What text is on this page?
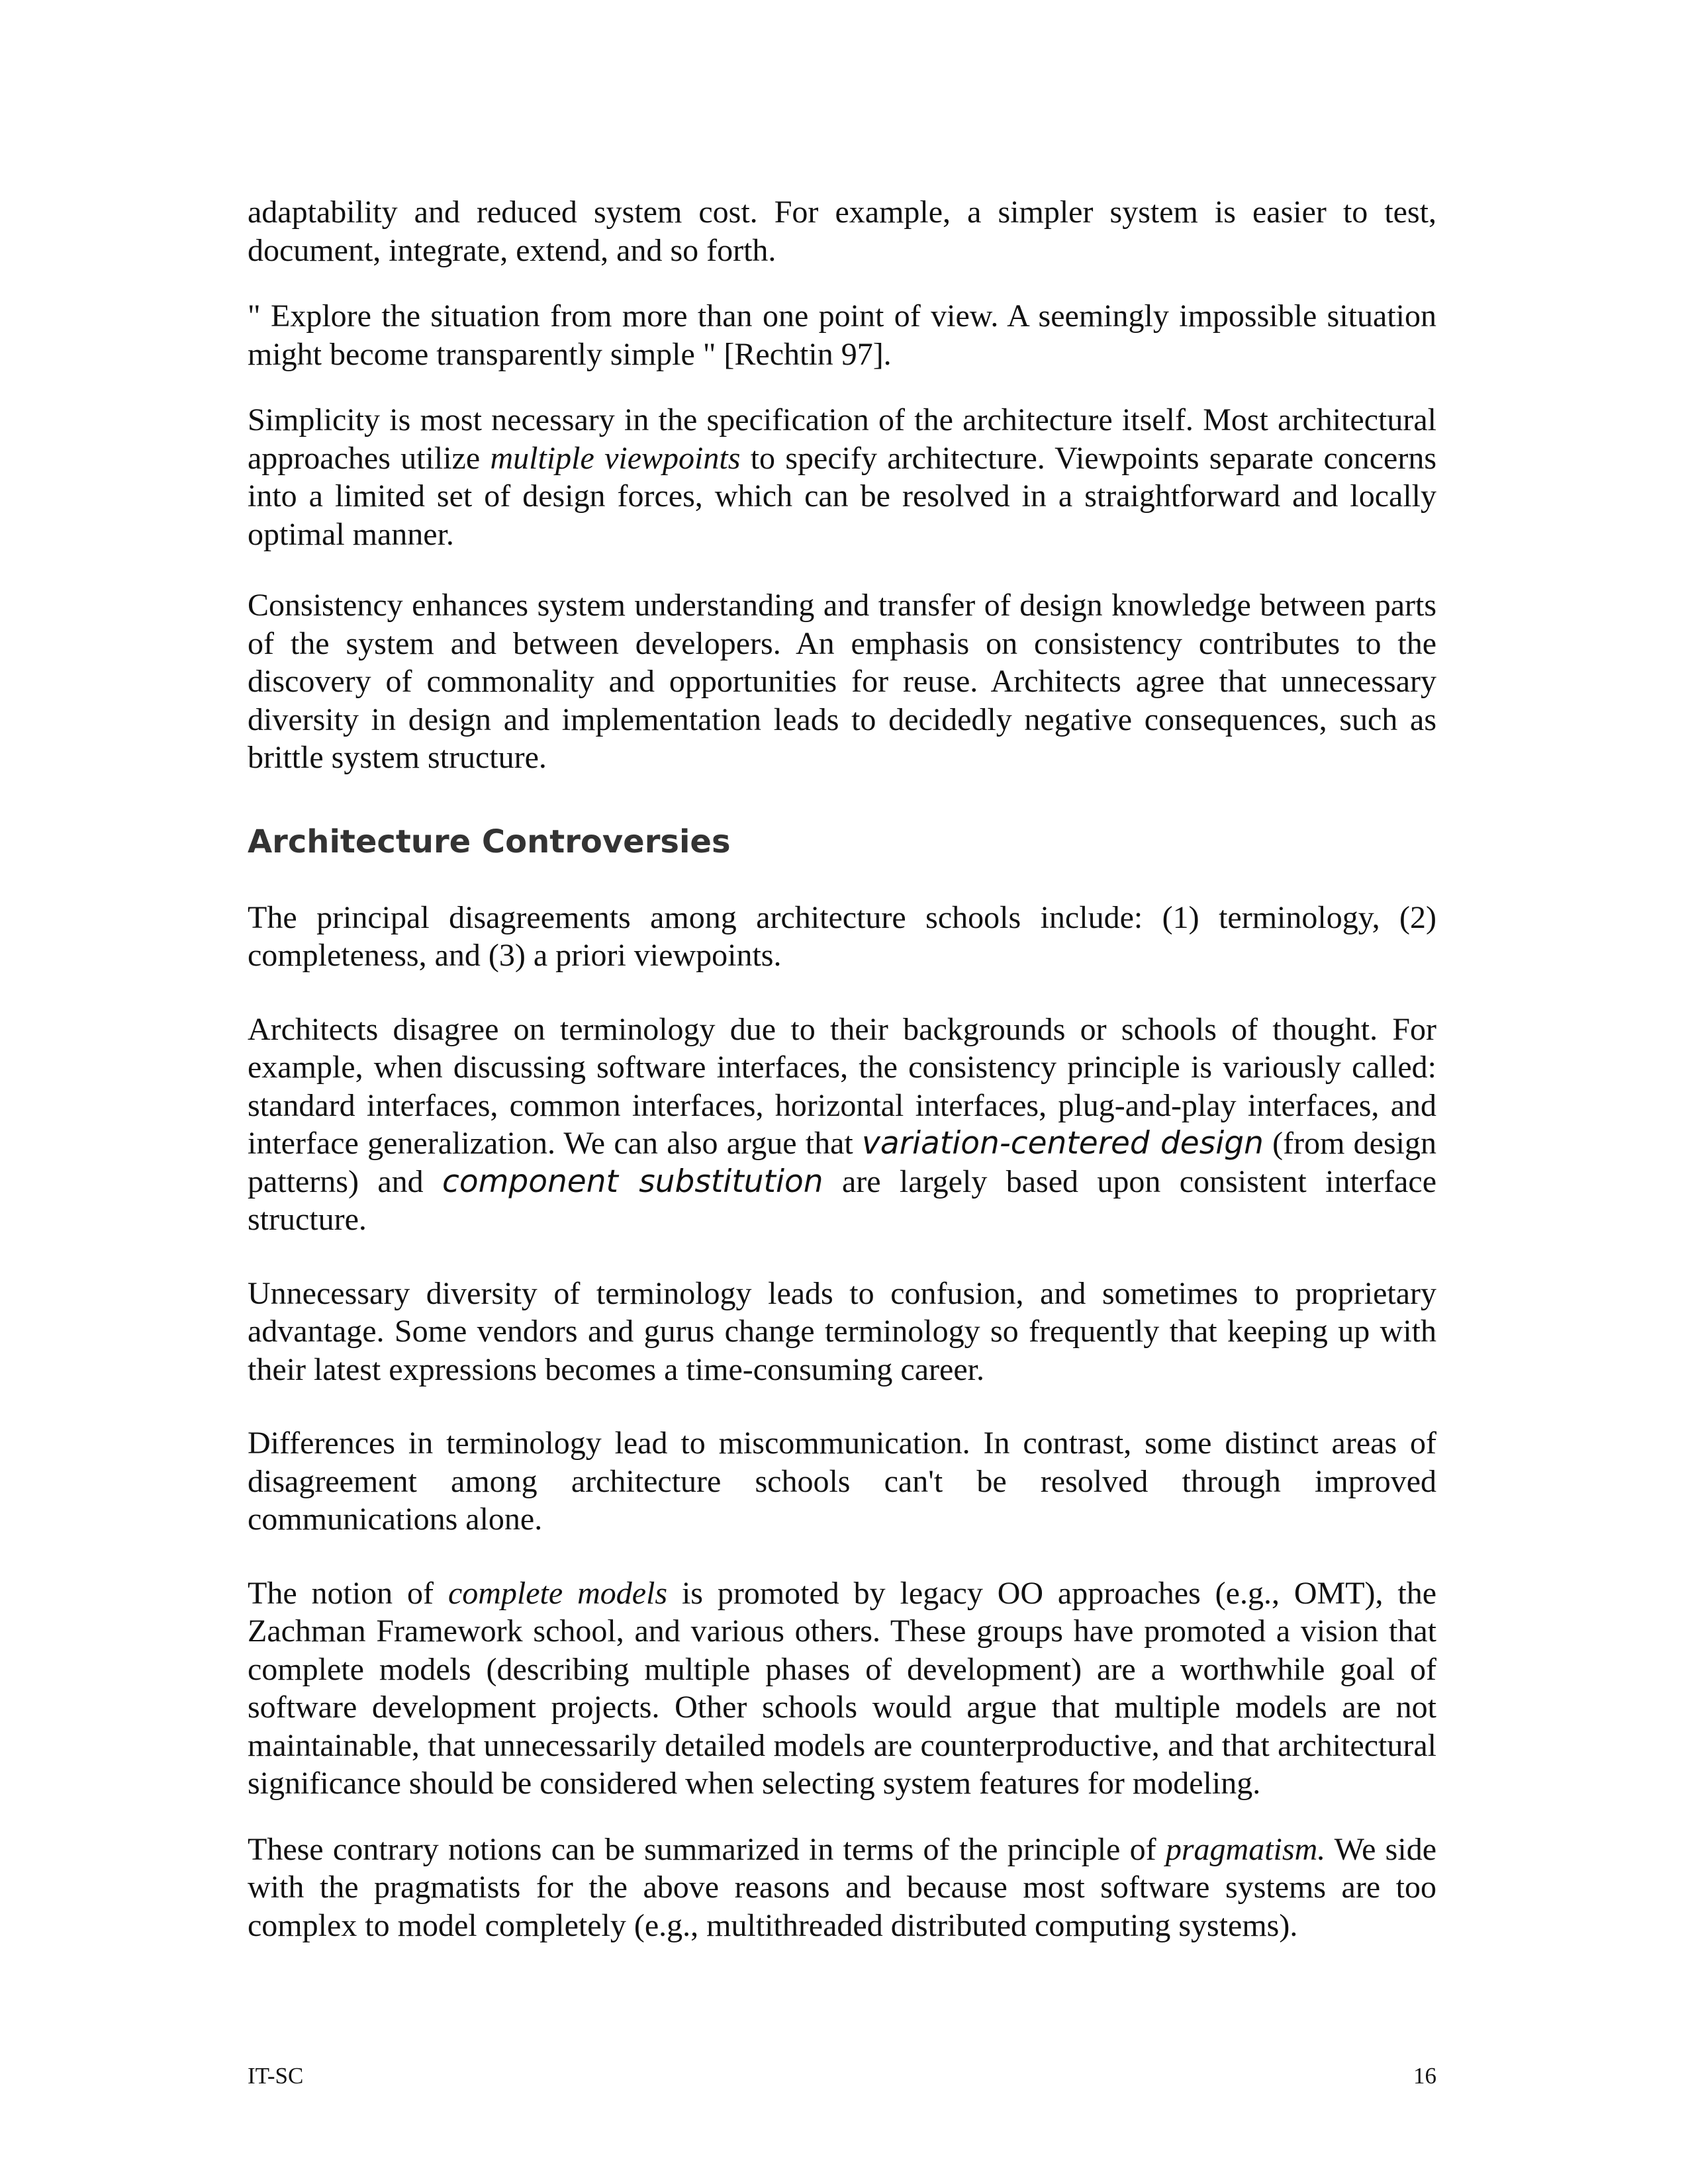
adaptability and reduced system cost. For example, a simpler system is easier to test, document, integrate, extend, and so forth.

" Explore the situation from more than one point of view. A seemingly impossible situation might become transparently simple " [Rechtin 97].

Simplicity is most necessary in the specification of the architecture itself. Most architectural approaches utilize multiple viewpoints to specify architecture. Viewpoints separate concerns into a limited set of design forces, which can be resolved in a straightforward and locally optimal manner.

Consistency enhances system understanding and transfer of design knowledge between parts of the system and between developers. An emphasis on consistency contributes to the discovery of commonality and opportunities for reuse. Architects agree that unnecessary diversity in design and implementation leads to decidedly negative consequences, such as brittle system structure.

Architecture Controversies

The principal disagreements among architecture schools include: (1) terminology, (2) completeness, and (3) a priori viewpoints.

Architects disagree on terminology due to their backgrounds or schools of thought. For example, when discussing software interfaces, the consistency principle is variously called: standard interfaces, common interfaces, horizontal interfaces, plug-and-play interfaces, and interface generalization. We can also argue that variation-centered design (from design patterns) and component substitution are largely based upon consistent interface structure.

Unnecessary diversity of terminology leads to confusion, and sometimes to proprietary advantage. Some vendors and gurus change terminology so frequently that keeping up with their latest expressions becomes a time-consuming career.

Differences in terminology lead to miscommunication. In contrast, some distinct areas of disagreement among architecture schools can't be resolved through improved communications alone.

The notion of complete models is promoted by legacy OO approaches (e.g., OMT), the Zachman Framework school, and various others. These groups have promoted a vision that complete models (describing multiple phases of development) are a worthwhile goal of software development projects. Other schools would argue that multiple models are not maintainable, that unnecessarily detailed models are counterproductive, and that architectural significance should be considered when selecting system features for modeling.

These contrary notions can be summarized in terms of the principle of pragmatism. We side with the pragmatists for the above reasons and because most software systems are too complex to model completely (e.g., multithreaded distributed computing systems).

IT-SC	16
